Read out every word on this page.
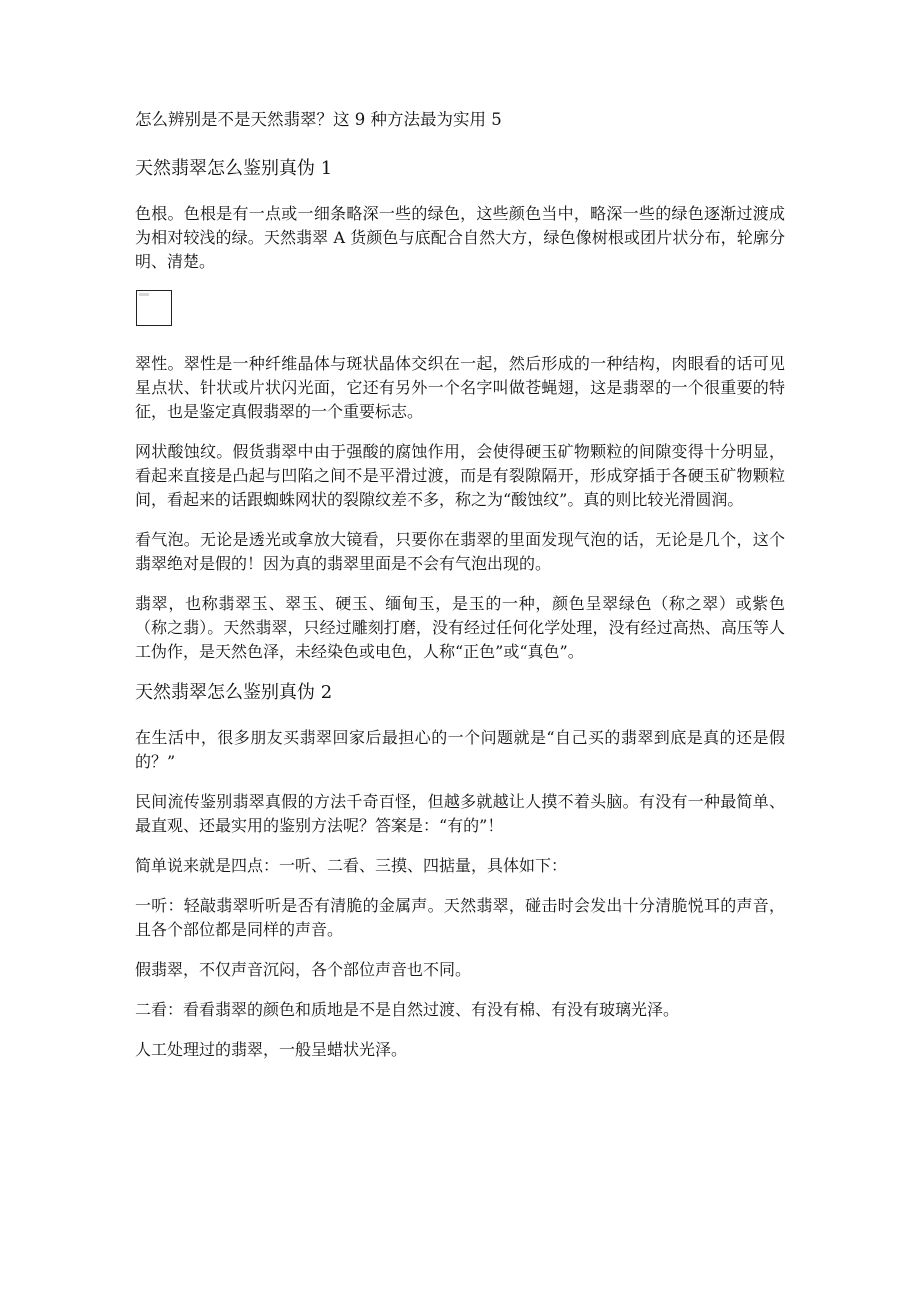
怎么辨别是不是天然翡翠？这 9 种方法最为实用 5
天然翡翠怎么鉴别真伪 1

色根。色根是有一点或一细条略深一些的绿色，这些颜色当中，略深一些的绿色逐渐过渡成为相对较浅的绿。天然翡翠 A 货颜色与底配合自然大方，绿色像树根或团片状分布，轮廓分明、清楚。

翠性。翠性是一种纤维晶体与斑状晶体交织在一起，然后形成的一种结构，肉眼看的话可见星点状、针状或片状闪光面，它还有另外一个名字叫做苍蝇翅，这是翡翠的一个很重要的特征，也是鉴定真假翡翠的一个重要标志。

网状酸蚀纹。假货翡翠中由于强酸的腐蚀作用，会使得硬玉矿物颗粒的间隙变得十分明显，看起来直接是凸起与凹陷之间不是平滑过渡，而是有裂隙隔开，形成穿插于各硬玉矿物颗粒间，看起来的话跟蜘蛛网状的裂隙纹差不多，称之为“酸蚀纹”。真的则比较光滑圆润。

看气泡。无论是透光或拿放大镜看，只要你在翡翠的里面发现气泡的话，无论是几个，这个翡翠绝对是假的！因为真的翡翠里面是不会有气泡出现的。

翡翠，也称翡翠玉、翠玉、硬玉、缅甸玉，是玉的一种，颜色呈翠绿色（称之翠）或紫色（称之翡）。天然翡翠，只经过雕刻打磨，没有经过任何化学处理，没有经过高热、高压等人工伪作，是天然色泽，未经染色或电色，人称“正色”或“真色”。

天然翡翠怎么鉴别真伪 2

在生活中，很多朋友买翡翠回家后最担心的一个问题就是“自己买的翡翠到底是真的还是假的？”

民间流传鉴别翡翠真假的方法千奇百怪，但越多就越让人摸不着头脑。有没有一种最简单、最直观、还最实用的鉴别方法呢？答案是：“有的”！

简单说来就是四点：一听、二看、三摸、四掂量，具体如下：

一听：轻敲翡翠听听是否有清脆的金属声。天然翡翠，碰击时会发出十分清脆悦耳的声音，且各个部位都是同样的声音。

假翡翠，不仅声音沉闷，各个部位声音也不同。

二看：看看翡翠的颜色和质地是不是自然过渡、有没有棉、有没有玻璃光泽。

人工处理过的翡翠，一般呈蜡状光泽。
